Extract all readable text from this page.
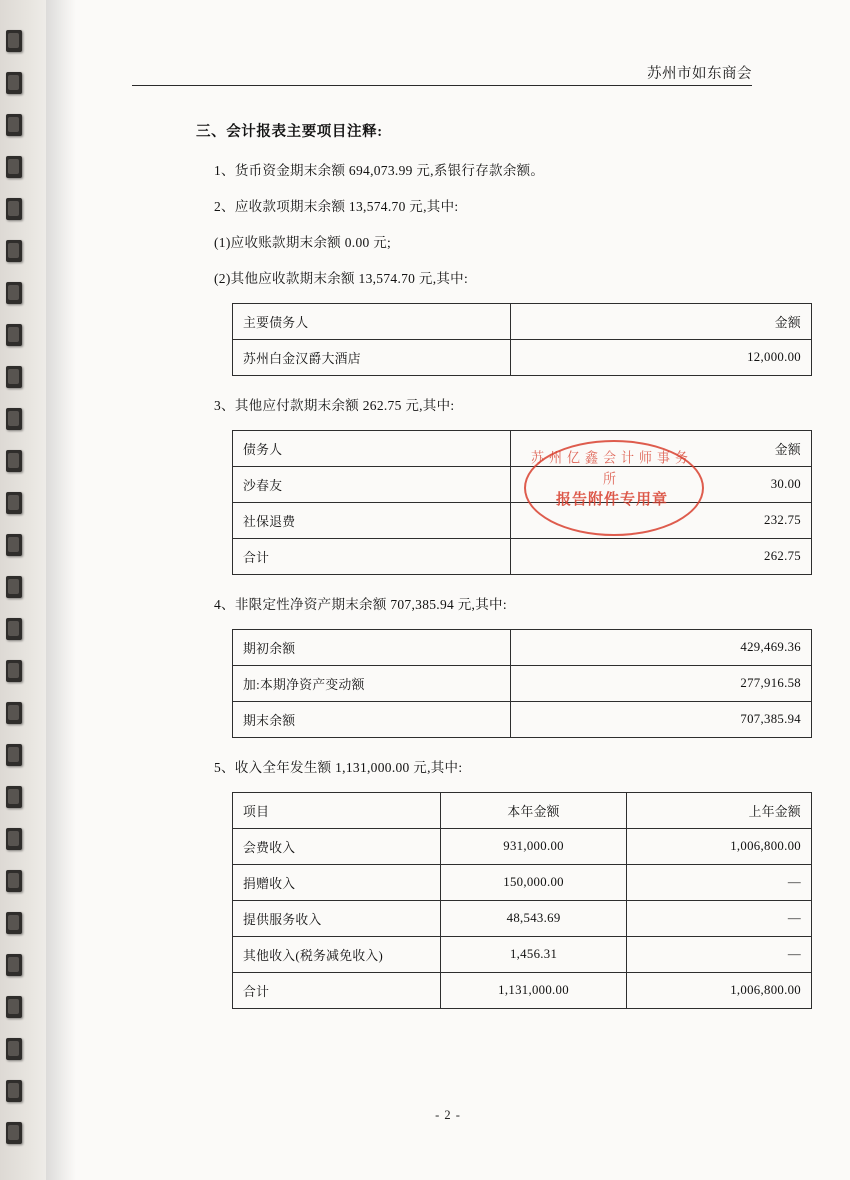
苏州市如东商会

三、会计报表主要项目注释:

1、货币资金期末余额 694,073.99 元,系银行存款余额。

2、应收款项期末余额 13,574.70 元,其中:

(1)应收账款期末余额 0.00 元;

(2)其他应收款期末余额 13,574.70 元,其中:

主要债务人	金额
苏州白金汉爵大酒店	12,000.00

3、其他应付款期末余额 262.75 元,其中:

债务人	金额
沙春友	30.00
社保退费	232.75
合计	262.75

4、非限定性净资产期末余额 707,385.94 元,其中:

期初余额	429,469.36
加:本期净资产变动额	277,916.58
期末余额	707,385.94

5、收入全年发生额 1,131,000.00 元,其中:

项目	本年金额	上年金额
会费收入	931,000.00	1,006,800.00
捐赠收入	150,000.00	—
提供服务收入	48,543.69	—
其他收入(税务减免收入)	1,456.31	—
合计	1,131,000.00	1,006,800.00
苏州亿鑫会计师事务所
报告附件专用章
- 2 -
